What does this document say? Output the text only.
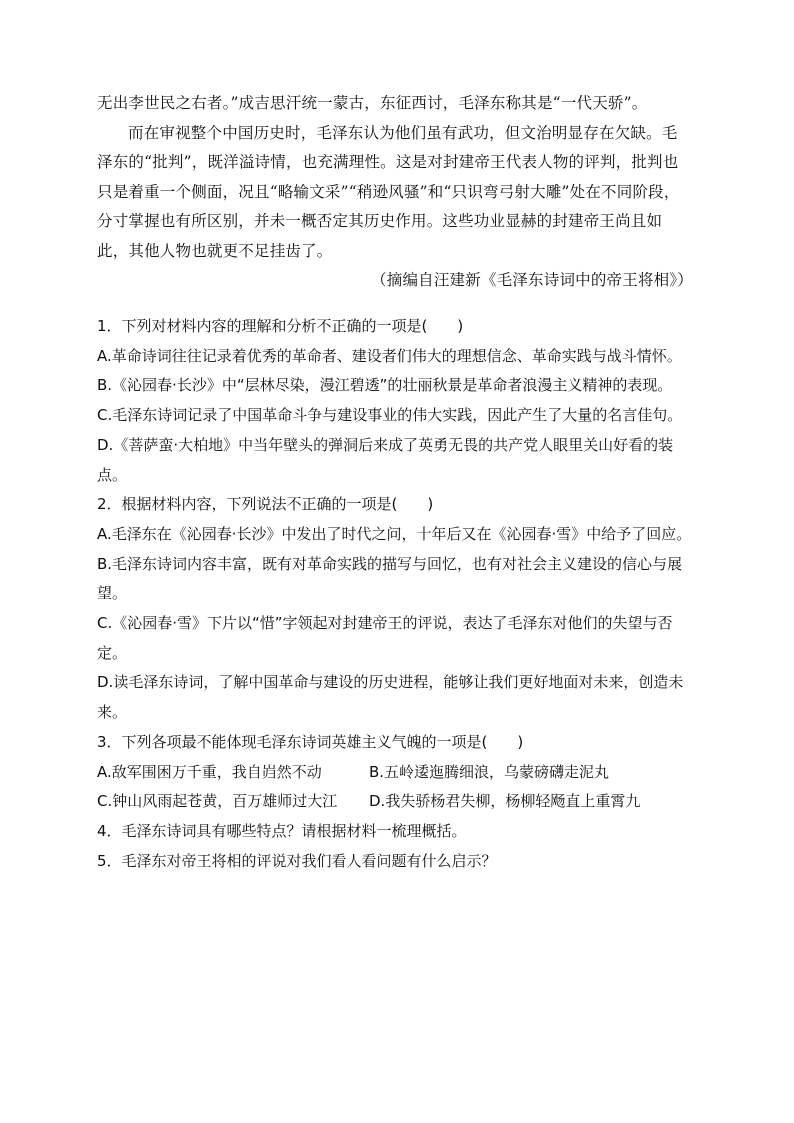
无出李世民之右者。”成吉思汗统一蒙古，东征西讨，毛泽东称其是“一代天骄”。

而在审视整个中国历史时，毛泽东认为他们虽有武功，但文治明显存在欠缺。毛泽东的“批判”，既洋溢诗情，也充满理性。这是对封建帝王代表人物的评判，批判也只是着重一个侧面，况且“略输文采”“稍逊风骚”和“只识弯弓射大雕”处在不同阶段，分寸掌握也有所区别，并未一概否定其历史作用。这些功业显赫的封建帝王尚且如此，其他人物也就更不足挂齿了。

（摘编自汪建新《毛泽东诗词中的帝王将相》）

1．下列对材料内容的理解和分析不正确的一项是(　　)

A.革命诗词往往记录着优秀的革命者、建设者们伟大的理想信念、革命实践与战斗情怀。

B.《沁园春·长沙》中“层林尽染，漫江碧透”的壮丽秋景是革命者浪漫主义精神的表现。

C.毛泽东诗词记录了中国革命斗争与建设事业的伟大实践，因此产生了大量的名言佳句。

D.《菩萨蛮·大柏地》中当年壁头的弹洞后来成了英勇无畏的共产党人眼里关山好看的装点。

2．根据材料内容，下列说法不正确的一项是(　　)

A.毛泽东在《沁园春·长沙》中发出了时代之问，十年后又在《沁园春·雪》中给予了回应。

B.毛泽东诗词内容丰富，既有对革命实践的描写与回忆，也有对社会主义建设的信心与展望。

C.《沁园春·雪》下片以“惜”字领起对封建帝王的评说，表达了毛泽东对他们的失望与否定。

D.读毛泽东诗词，了解中国革命与建设的历史进程，能够让我们更好地面对未来，创造未来。

3．下列各项最不能体现毛泽东诗词英雄主义气魄的一项是(　　)

A.敌军围困万千重，我自岿然不动	B.五岭逶迤腾细浪，乌蒙磅礴走泥丸
C.钟山风雨起苍黄，百万雄师过大江	D.我失骄杨君失柳，杨柳轻飏直上重霄九

4．毛泽东诗词具有哪些特点？请根据材料一梳理概括。

5．毛泽东对帝王将相的评说对我们看人看问题有什么启示？
